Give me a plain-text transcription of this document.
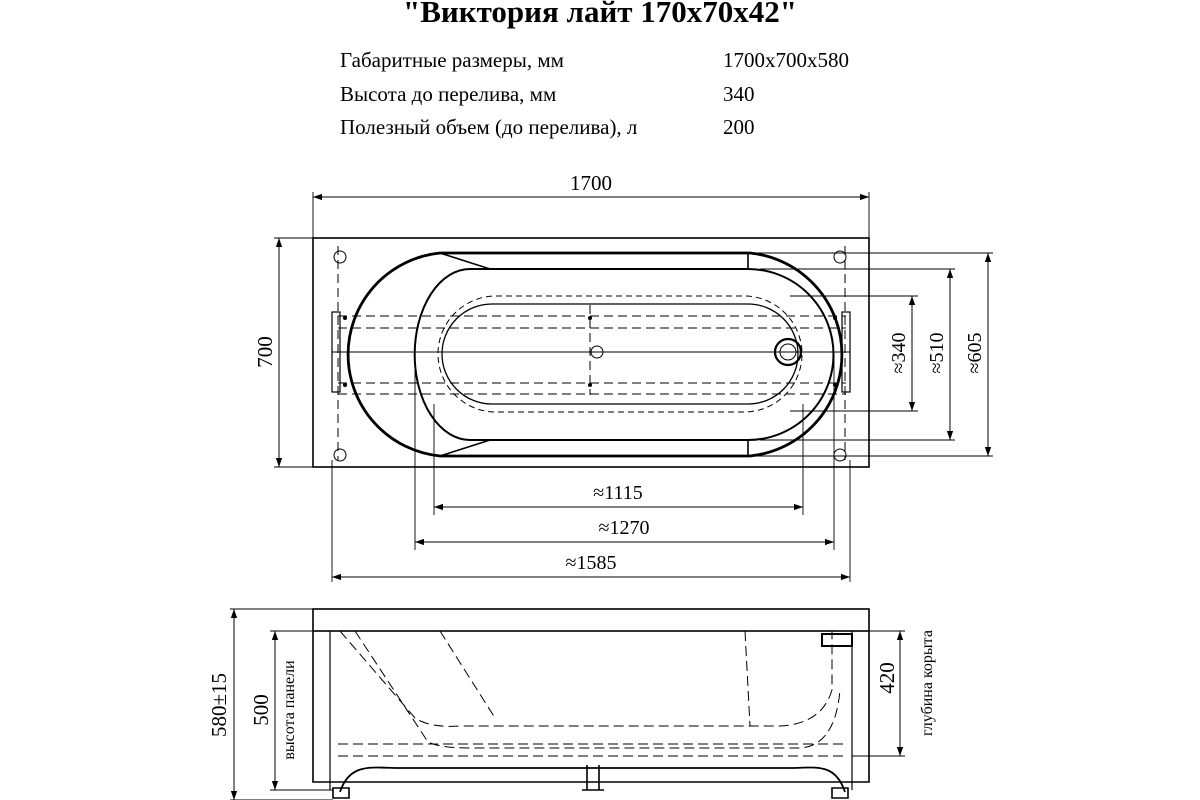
"Виктория лайт 170х70х42"
Габаритные размеры, мм	1700х700х580
Высота до перелива, мм	340
Полезный объем (до перелива), л	200
1700
700
≈1115
≈1270
≈1585
≈340 ≈510 ≈605
580±15 500 высота панели	420 глубина корыта
